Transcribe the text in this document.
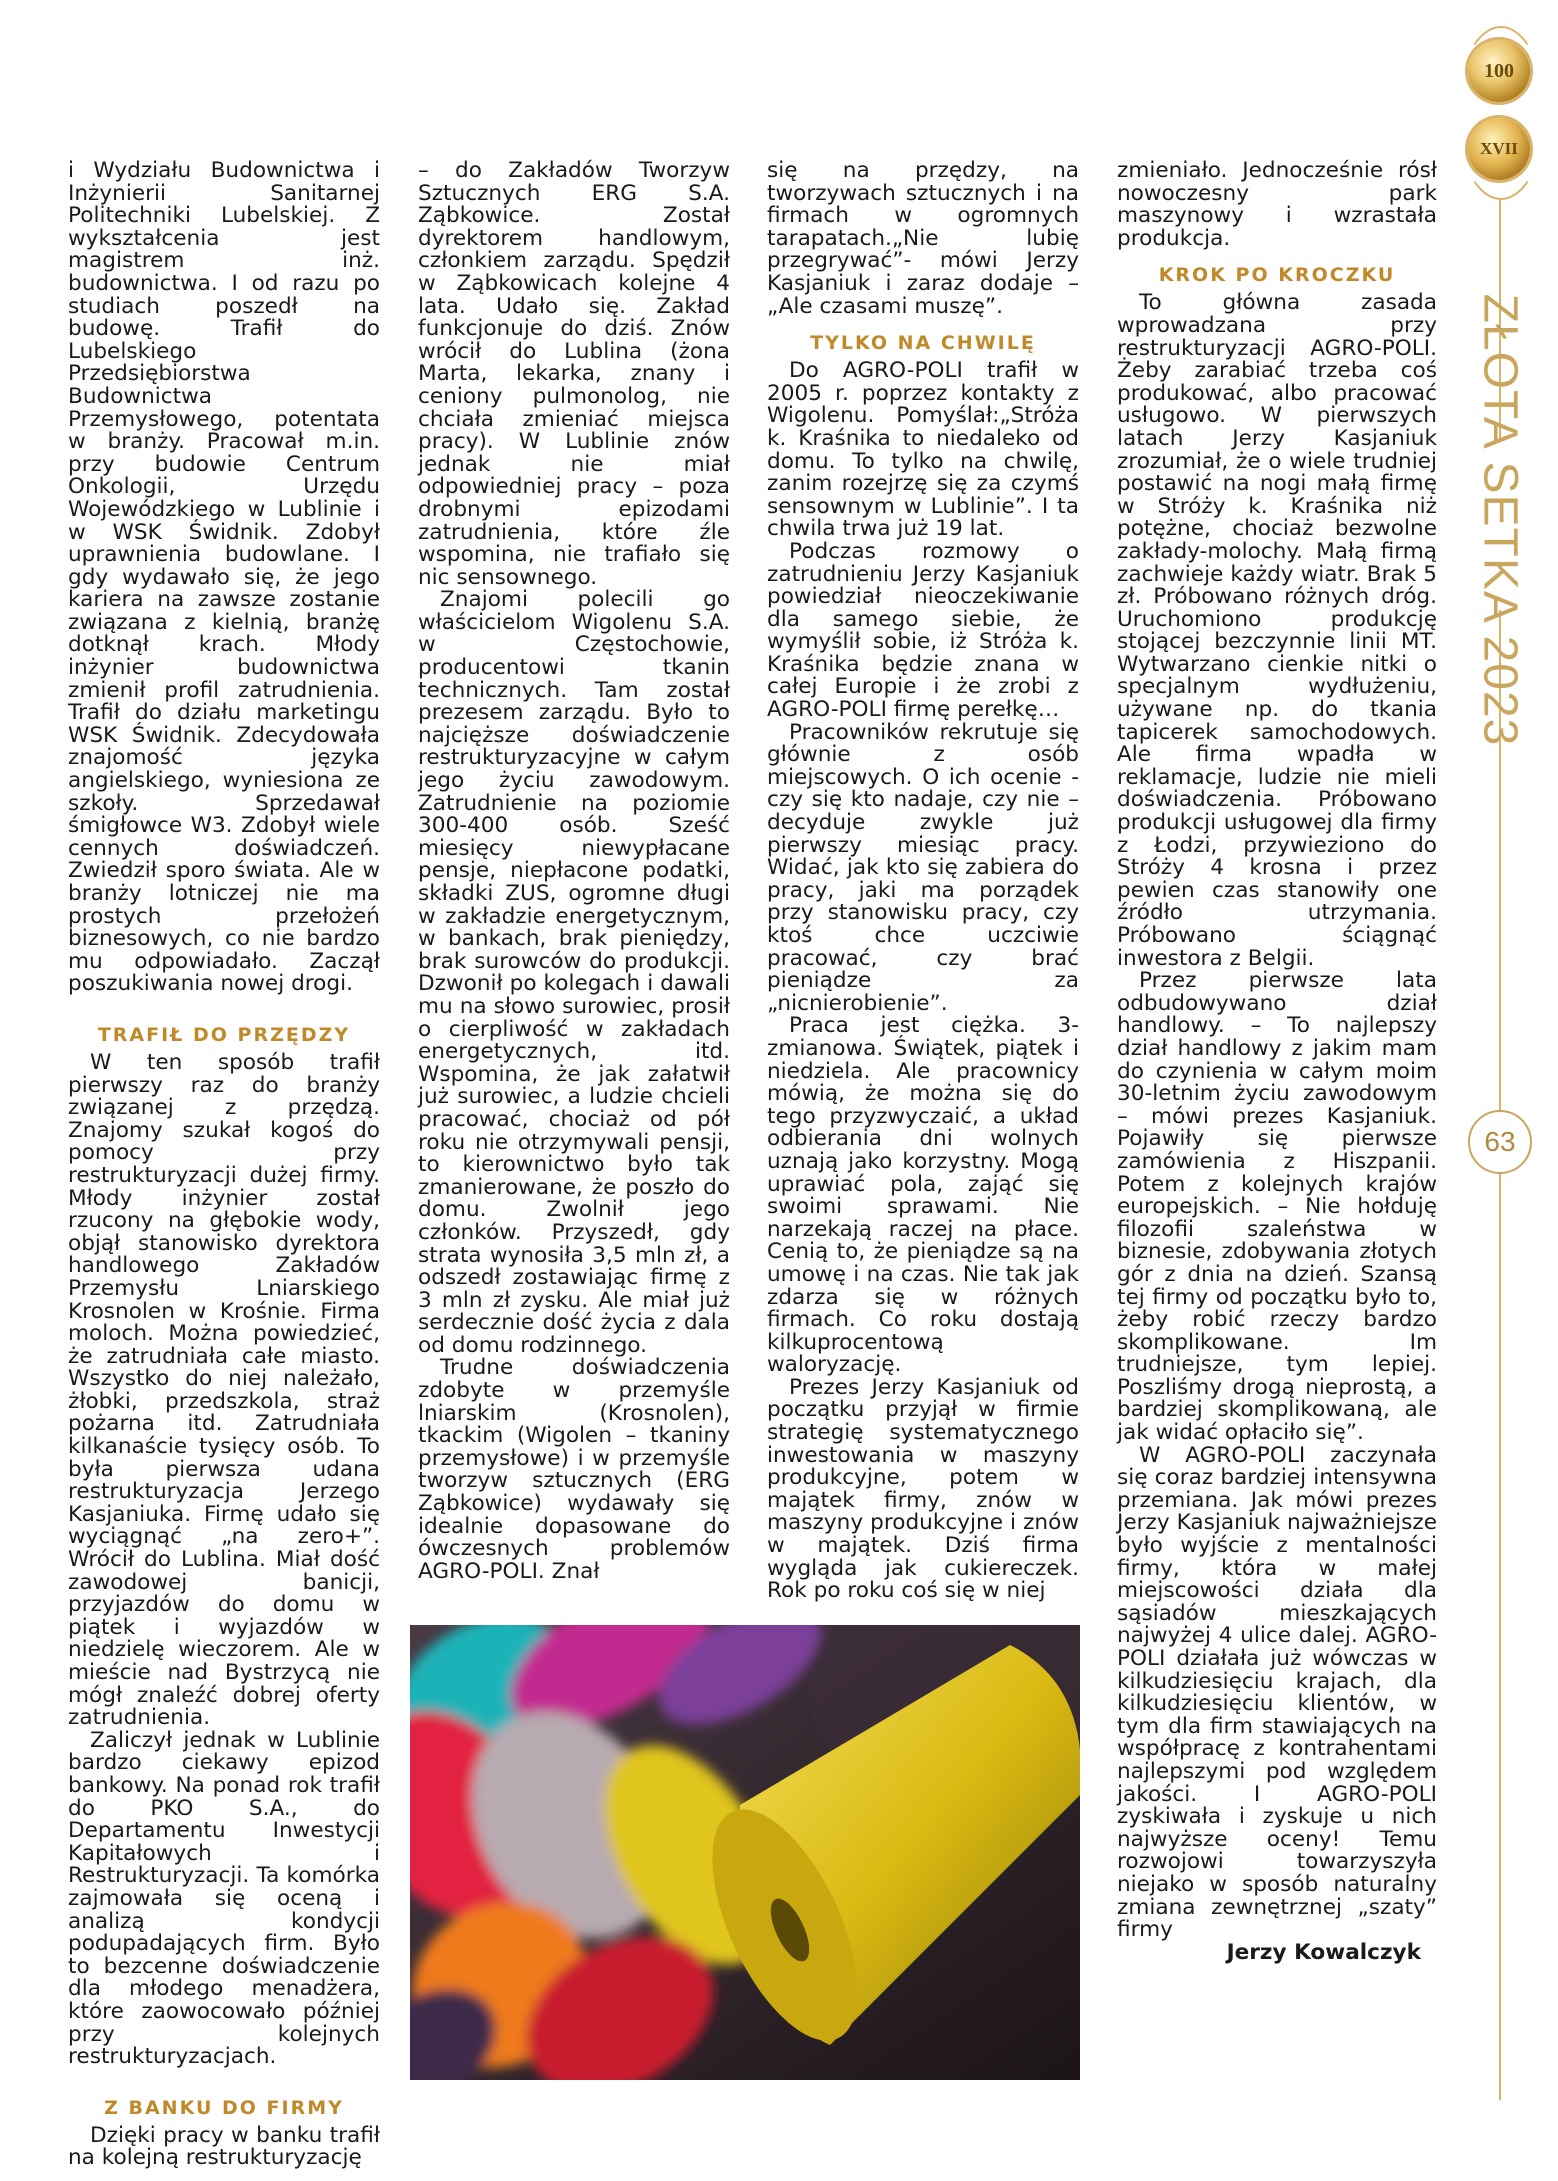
i Wydziału Budownictwa i Inżynierii Sanitarnej Politechniki Lubelskiej. Z wykształcenia jest magistrem inż. budownictwa. I od razu po studiach poszedł na budowę. Trafił do Lubelskiego Przedsiębiorstwa Budownictwa Przemysłowego, potentata w branży. Pracował m.in. przy budowie Centrum Onkologii, Urzędu Wojewódzkiego w Lublinie i w WSK Świdnik. Zdobył uprawnienia budowlane. I gdy wydawało się, że jego kariera na zawsze zostanie związana z kielnią, branżę dotknął krach. Młody inżynier budownictwa zmienił profil zatrudnienia. Trafił do działu marketingu WSK Świdnik. Zdecydowała znajomość języka angielskiego, wyniesiona ze szkoły. Sprzedawał śmigłowce W3. Zdobył wiele cennych doświadczeń. Zwiedził sporo świata. Ale w branży lotniczej nie ma prostych przełożeń biznesowych, co nie bardzo mu odpowiadało. Zaczął poszukiwania nowej drogi.

TRAFIŁ DO PRZĘDZY

W ten sposób trafił pierwszy raz do branży związanej z przędzą. Znajomy szukał kogoś do pomocy przy restrukturyzacji dużej firmy. Młody inżynier został rzucony na głębokie wody, objął stanowisko dyrektora handlowego Zakładów Przemysłu Lniarskiego Krosnolen w Krośnie. Firma moloch. Można powiedzieć, że zatrudniała całe miasto. Wszystko do niej należało, żłobki, przedszkola, straż pożarna itd. Zatrudniała kilkanaście tysięcy osób. To była pierwsza udana restrukturyzacja Jerzego Kasjaniuka. Firmę udało się wyciągnąć „na zero+”. Wrócił do Lublina. Miał dość zawodowej banicji, przyjazdów do domu w piątek i wyjazdów w niedzielę wieczorem. Ale w mieście nad Bystrzycą nie mógł znaleźć dobrej oferty zatrudnienia.

Zaliczył jednak w Lublinie bardzo ciekawy epizod bankowy. Na ponad rok trafił do PKO S.A., do Departamentu Inwestycji Kapitałowych i Restrukturyzacji. Ta komórka zajmowała się oceną i analizą kondycji podupadających firm. Było to bezcenne doświadczenie dla młodego menadżera, które zaowocowało później przy kolejnych restrukturyzacjach.

Z BANKU DO FIRMY

Dzięki pracy w banku trafił na kolejną restrukturyzację

– do Zakładów Tworzyw Sztucznych ERG S.A. Ząbkowice. Został dyrektorem handlowym, członkiem zarządu. Spędził w Ząbkowicach kolejne 4 lata. Udało się. Zakład funkcjonuje do dziś. Znów wrócił do Lublina (żona Marta, lekarka, znany i ceniony pulmonolog, nie chciała zmieniać miejsca pracy). W Lublinie znów jednak nie miał odpowiedniej pracy – poza drobnymi epizodami zatrudnienia, które źle wspomina, nie trafiało się nic sensownego.

Znajomi polecili go właścicielom Wigolenu S.A. w Częstochowie, producentowi tkanin technicznych. Tam został prezesem zarządu. Było to najcięższe doświadczenie restrukturyzacyjne w całym jego życiu zawodowym. Zatrudnienie na poziomie 300-400 osób. Sześć miesięcy niewypłacane pensje, niepłacone podatki, składki ZUS, ogromne długi w zakładzie energetycznym, w bankach, brak pieniędzy, brak surowców do produkcji. Dzwonił po kolegach i dawali mu na słowo surowiec, prosił o cierpliwość w zakładach energetycznych, itd. Wspomina, że jak załatwił już surowiec, a ludzie chcieli pracować, chociaż od pół roku nie otrzymywali pensji, to kierownictwo było tak zmanierowane, że poszło do domu. Zwolnił jego członków. Przyszedł, gdy strata wynosiła 3,5 mln zł, a odszedł zostawiając firmę z 3 mln zł zysku. Ale miał już serdecznie dość życia z dala od domu rodzinnego.

Trudne doświadczenia zdobyte w przemyśle lniarskim (Krosnolen), tkackim (Wigolen – tkaniny przemysłowe) i w przemyśle tworzyw sztucznych (ERG Ząbkowice) wydawały się idealnie dopasowane do ówczesnych problemów AGRO-POLI. Znał

się na przędzy, na tworzywach sztucznych i na firmach w ogromnych tarapatach.„Nie lubię przegrywać”- mówi Jerzy Kasjaniuk i zaraz dodaje – „Ale czasami muszę”.

TYLKO NA CHWILĘ

Do AGRO-POLI trafił w 2005 r. poprzez kontakty z Wigolenu. Pomyślał:„Stróża k. Kraśnika to niedaleko od domu. To tylko na chwilę, zanim rozejrzę się za czymś sensownym w Lublinie”. I ta chwila trwa już 19 lat.

Podczas rozmowy o zatrudnieniu Jerzy Kasjaniuk powiedział nieoczekiwanie dla samego siebie, że wymyślił sobie, iż Stróża k. Kraśnika będzie znana w całej Europie i że zrobi z AGRO-POLI firmę perełkę…

Pracowników rekrutuje się głównie z osób miejscowych. O ich ocenie - czy się kto nadaje, czy nie – decyduje zwykle już pierwszy miesiąc pracy. Widać, jak kto się zabiera do pracy, jaki ma porządek przy stanowisku pracy, czy ktoś chce uczciwie pracować, czy brać pieniądze za „nicnierobienie”.

Praca jest ciężka. 3-zmianowa. Świątek, piątek i niedziela. Ale pracownicy mówią, że można się do tego przyzwyczaić, a układ odbierania dni wolnych uznają jako korzystny. Mogą uprawiać pola, zająć się swoimi sprawami. Nie narzekają raczej na płace. Cenią to, że pieniądze są na umowę i na czas. Nie tak jak zdarza się w różnych firmach. Co roku dostają kilkuprocentową waloryzację.

Prezes Jerzy Kasjaniuk od początku przyjął w firmie strategię systematycznego inwestowania w maszyny produkcyjne, potem w majątek firmy, znów w maszyny produkcyjne i znów w majątek. Dziś firma wygląda jak cukiereczek. Rok po roku coś się w niej

zmieniało. Jednocześnie rósł nowoczesny park maszynowy i wzrastała produkcja.

KROK PO KROCZKU

To główna zasada wprowadzana przy restrukturyzacji AGRO-POLI. Żeby zarabiać trzeba coś produkować, albo pracować usługowo. W pierwszych latach Jerzy Kasjaniuk zrozumiał, że o wiele trudniej postawić na nogi małą firmę w Stróży k. Kraśnika niż potężne, chociaż bezwolne zakłady-molochy. Małą firmą zachwieje każdy wiatr. Brak 5 zł. Próbowano różnych dróg. Uruchomiono produkcję stojącej bezczynnie linii MT. Wytwarzano cienkie nitki o specjalnym wydłużeniu, używane np. do tkania tapicerek samochodowych. Ale firma wpadła w reklamacje, ludzie nie mieli doświadczenia. Próbowano produkcji usługowej dla firmy z Łodzi, przywieziono do Stróży 4 krosna i przez pewien czas stanowiły one źródło utrzymania. Próbowano ściągnąć inwestora z Belgii.

Przez pierwsze lata odbudowywano dział handlowy. – To najlepszy dział handlowy z jakim mam do czynienia w całym moim 30-letnim życiu zawodowym – mówi prezes Kasjaniuk. Pojawiły się pierwsze zamówienia z Hiszpanii. Potem z kolejnych krajów europejskich. – Nie hołduję filozofii szaleństwa w biznesie, zdobywania złotych gór z dnia na dzień. Szansą tej firmy od początku było to, żeby robić rzeczy bardzo skomplikowane. Im trudniejsze, tym lepiej. Poszliśmy drogą nieprostą, a bardziej skomplikowaną, ale jak widać opłaciło się”.

W AGRO-POLI zaczynała się coraz bardziej intensywna przemiana. Jak mówi prezes Jerzy Kasjaniuk najważniejsze było wyjście z mentalności firmy, która w małej miejscowości działa dla sąsiadów mieszkających najwyżej 4 ulice dalej. AGRO-POLI działała już wówczas w kilkudziesięciu krajach, dla kilkudziesięciu klientów, w tym dla firm stawiających na współpracę z kontrahentami najlepszymi pod względem jakości. I AGRO-POLI zyskiwała i zyskuje u nich najwyższe oceny! Temu rozwojowi towarzyszyła niejako w sposób naturalny zmiana zewnętrznej „szaty” firmy

Jerzy Kowalczyk

ZŁOTA SETKA 2023
100
XVII
63
